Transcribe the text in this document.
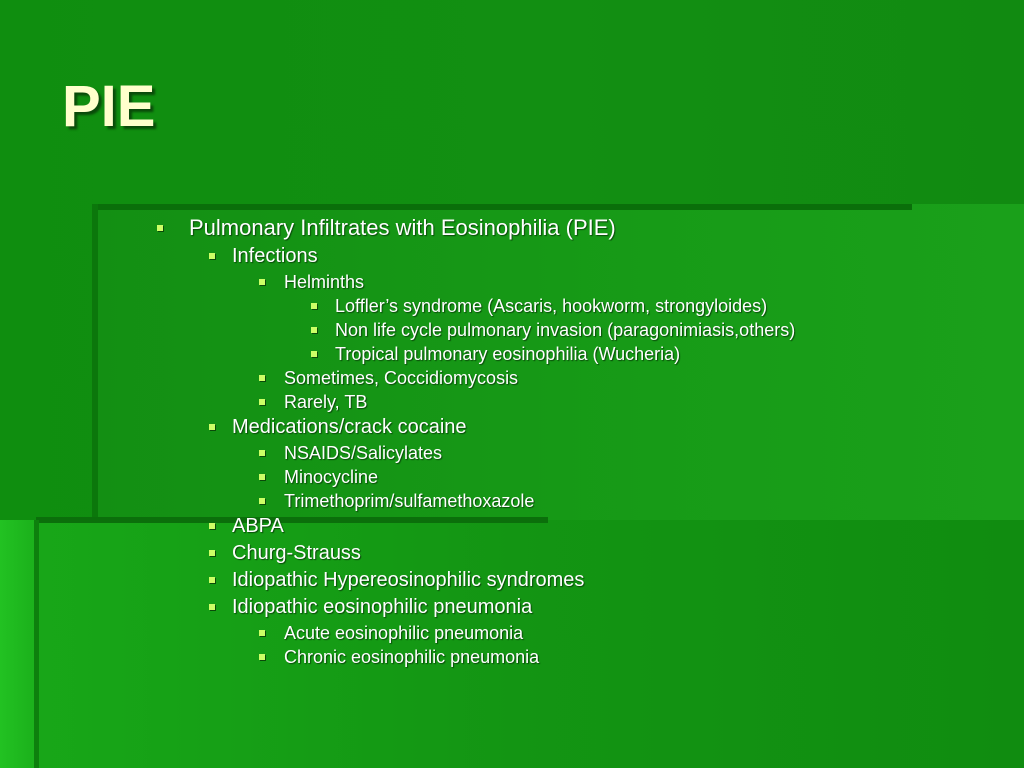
PIE
Pulmonary Infiltrates with Eosinophilia (PIE)
Infections
Helminths
Loffler’s syndrome (Ascaris, hookworm, strongyloides)
Non life cycle pulmonary invasion (paragonimiasis,others)
Tropical pulmonary eosinophilia (Wucheria)
Sometimes, Coccidiomycosis
Rarely, TB
Medications/crack cocaine
NSAIDS/Salicylates
Minocycline
Trimethoprim/sulfamethoxazole
ABPA
Churg-Strauss
Idiopathic Hypereosinophilic syndromes
Idiopathic eosinophilic pneumonia
Acute eosinophilic pneumonia
Chronic eosinophilic pneumonia
